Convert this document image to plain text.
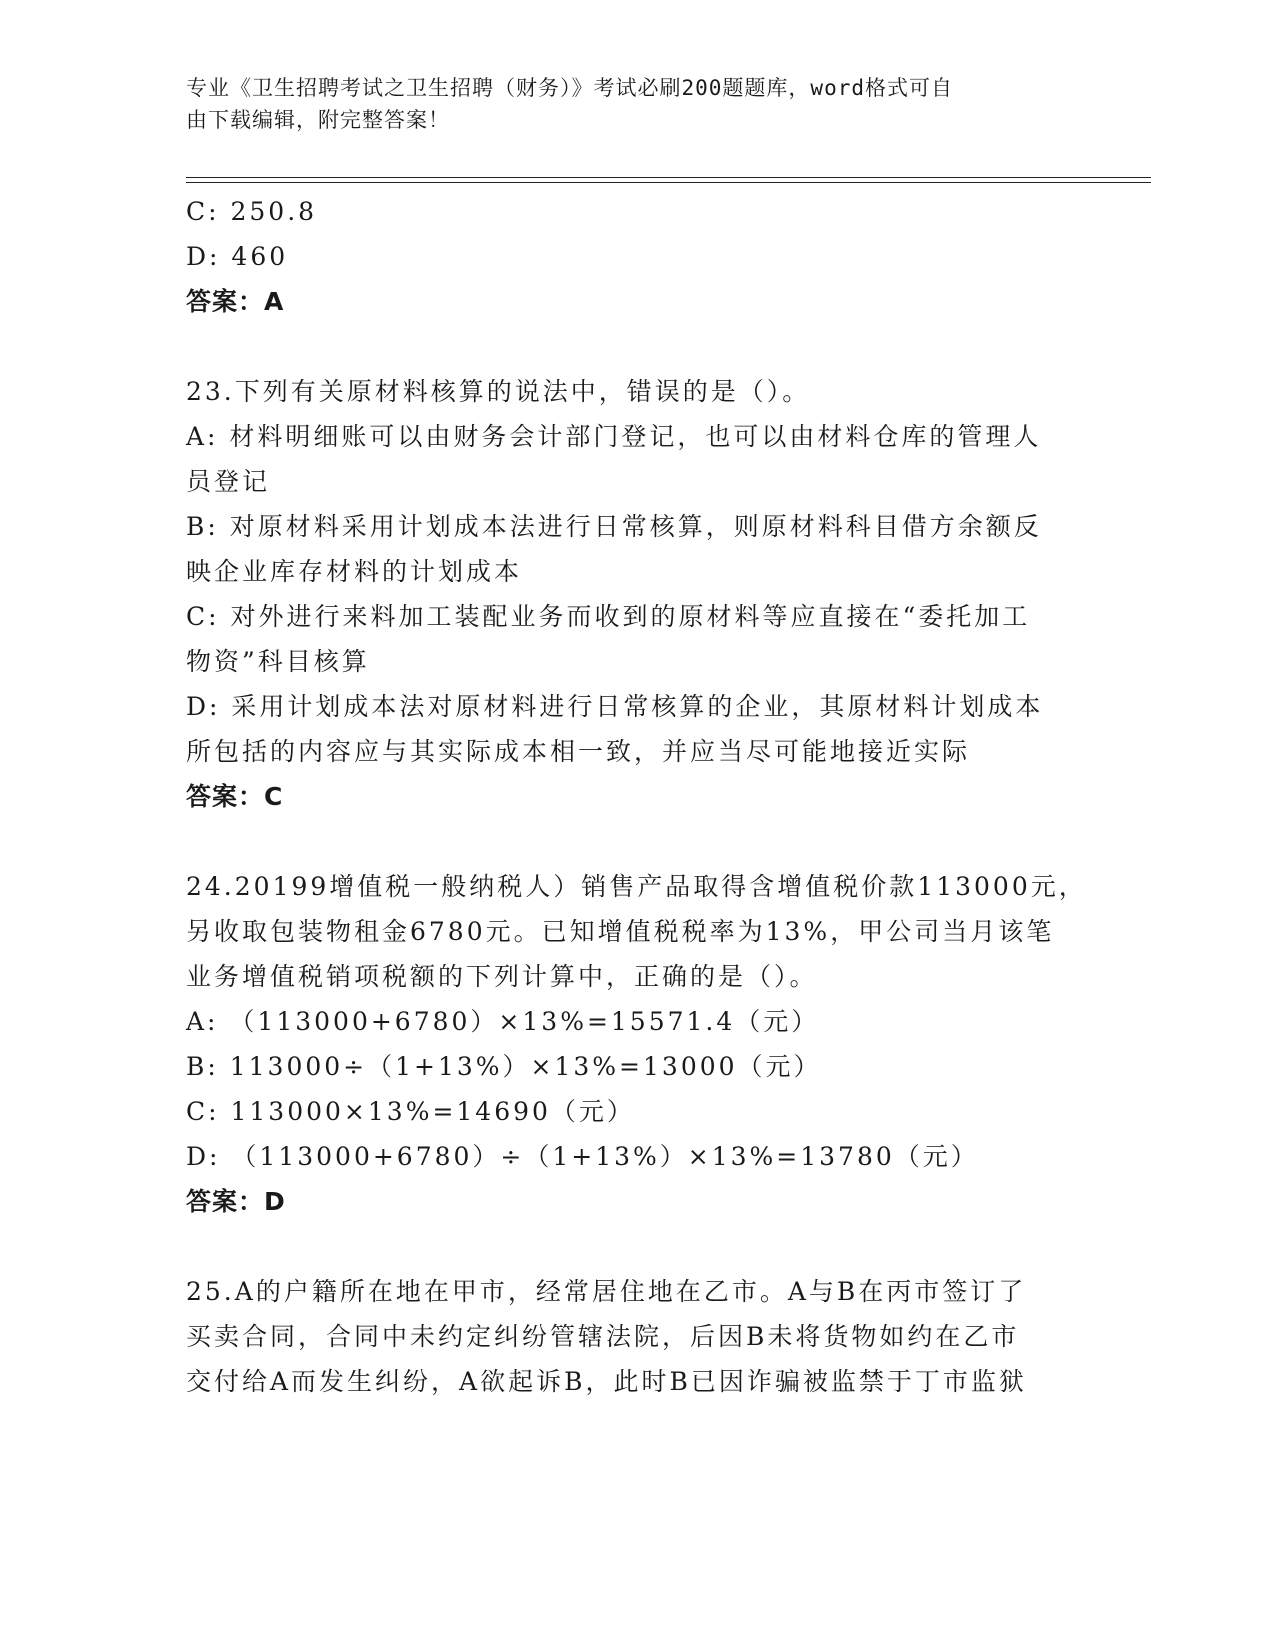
专业《卫生招聘考试之卫生招聘（财务）》考试必刷200题题库，word格式可自
由下载编辑，附完整答案！
C: 250.8
D: 460
答案：A
23.下列有关原材料核算的说法中，错误的是（）。
A: 材料明细账可以由财务会计部门登记，也可以由材料仓库的管理人
员登记
B: 对原材料采用计划成本法进行日常核算，则原材料科目借方余额反
映企业库存材料的计划成本
C: 对外进行来料加工装配业务而收到的原材料等应直接在“委托加工
物资”科目核算
D: 采用计划成本法对原材料进行日常核算的企业，其原材料计划成本
所包括的内容应与其实际成本相一致，并应当尽可能地接近实际
答案：C
24.20199增值税一般纳税人）销售产品取得含增值税价款113000元，
另收取包装物租金6780元。已知增值税税率为13%，甲公司当月该笔
业务增值税销项税额的下列计算中，正确的是（）。
A: （113000+6780）×13%=15571.4（元）
B: 113000÷（1+13%）×13%=13000（元）
C: 113000×13%=14690（元）
D: （113000+6780）÷（1+13%）×13%=13780（元）
答案：D
25.A的户籍所在地在甲市，经常居住地在乙市。A与B在丙市签订了
买卖合同，合同中未约定纠纷管辖法院，后因B未将货物如约在乙市
交付给A而发生纠纷，A欲起诉B，此时B已因诈骗被监禁于丁市监狱
